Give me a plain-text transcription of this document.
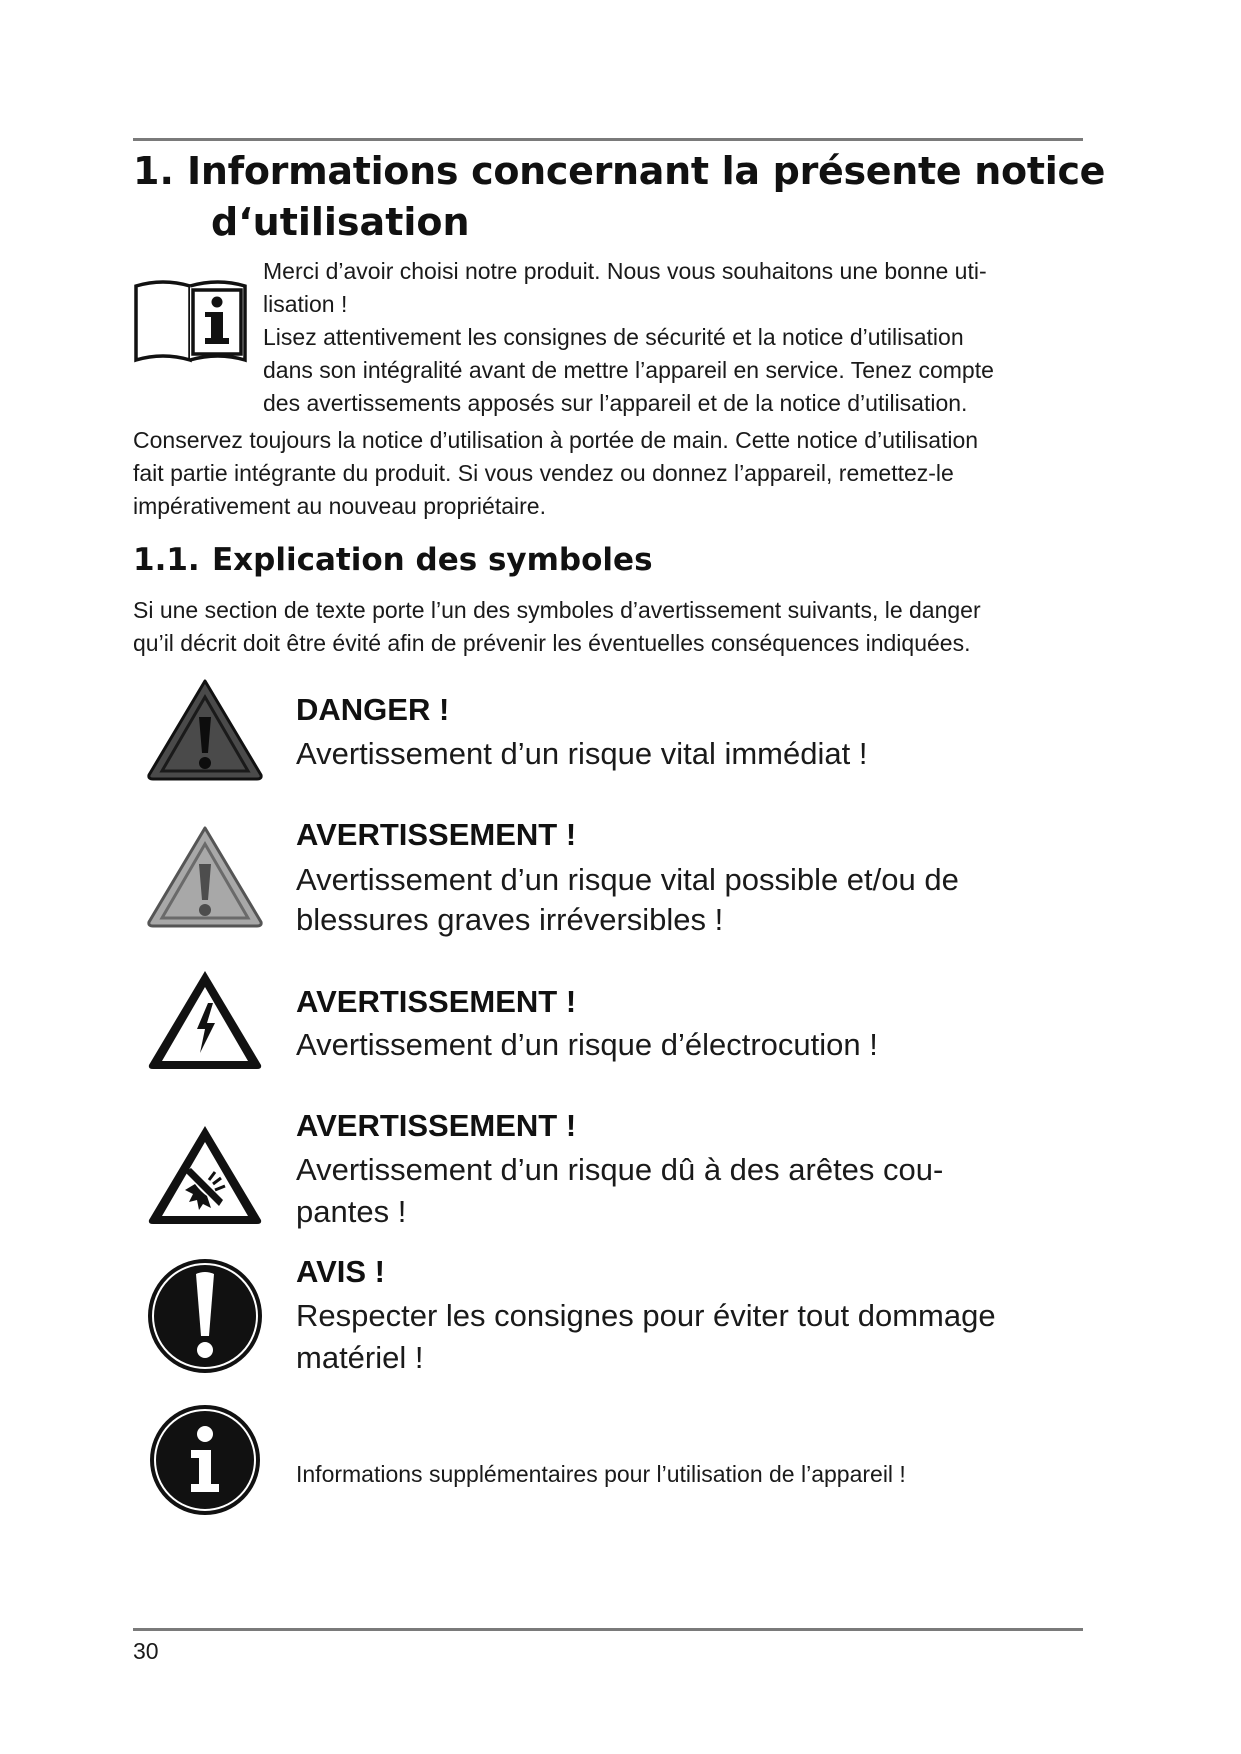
1. Informations concernant la présente notice
d‘utilisation

Merci d’avoir choisi notre produit. Nous vous souhaitons une bonne uti-

lisation !

Lisez attentivement les consignes de sécurité et la notice d’utilisation

dans son intégralité avant de mettre l’appareil en service. Tenez compte

des avertissements apposés sur l’appareil et de la notice d’utilisation.

Conservez toujours la notice d’utilisation à portée de main. Cette notice d’utilisation
fait partie intégrante du produit. Si vous vendez ou donnez l’appareil, remettez-le
impérativement au nouveau propriétaire.
1.1. Explication des symboles
Si une section de texte porte l’un des symboles d’avertissement suivants, le danger
qu’il décrit doit être évité afin de prévenir les éventuelles conséquences indiquées.
DANGER !
Avertissement d’un risque vital immédiat !
AVERTISSEMENT !
Avertissement d’un risque vital possible et/ou de
blessures graves irréversibles !
AVERTISSEMENT !
Avertissement d’un risque d’électrocution !
AVERTISSEMENT !
Avertissement d’un risque dû à des arêtes cou-
pantes !
AVIS !
Respecter les consignes pour éviter tout dommage
matériel !
Informations supplémentaires pour l’utilisation de l’appareil !
30
